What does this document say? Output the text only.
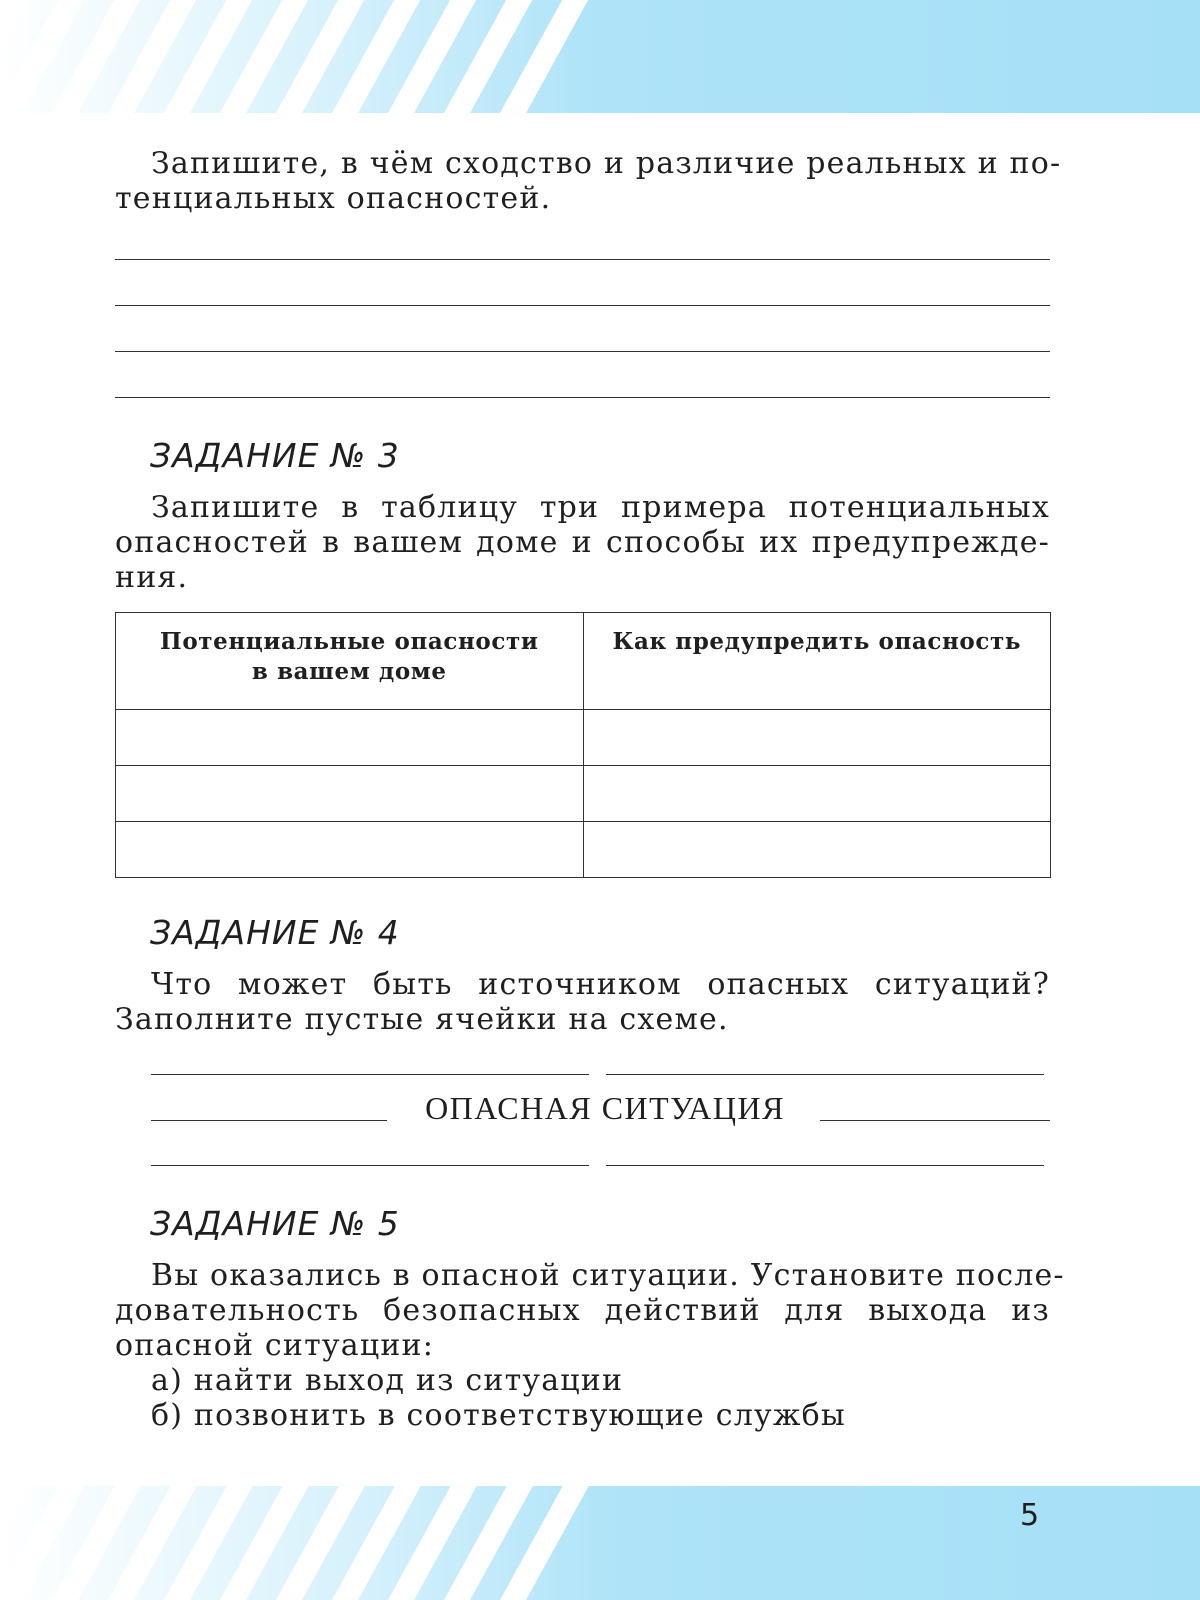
Запишите, в чём сходство и различие реальных и по-
тенциальных опасностей.
ЗАДАНИЕ № 3
Запишите в таблицу три примера потенциальных
опасностей в вашем доме и способы их предупрежде-
ния.
Потенциальные опасности
в вашем доме	Как предупредить опасность

ЗАДАНИЕ № 4
Что может быть источником опасных ситуаций?
Заполните пустые ячейки на схеме.
ОПАСНАЯ СИТУАЦИЯ
ЗАДАНИЕ № 5
Вы оказались в опасной ситуации. Установите после-
довательность безопасных действий для выхода из
опасной ситуации:
а) найти выход из ситуации
б) позвонить в соответствующие службы
5
